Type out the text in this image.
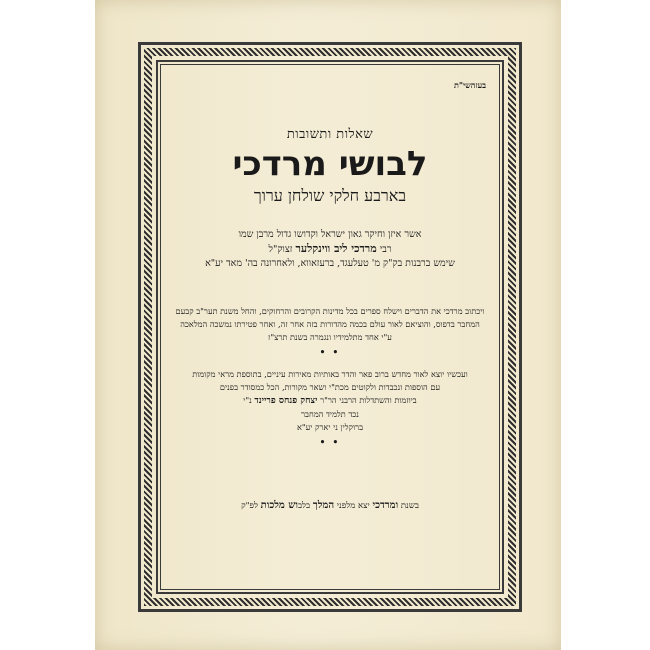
בעזהשי"ת
שאלות ותשובות
לבושי מרדכי
בארבע חלקי שולחן ערוך
אשר איזן וחיקר גאון ישראל וקדושו גדול מרבן שמו
רבי מרדכי ליב ווינקלער זצוק"ל
שימש ברבנות בק"ק מ' טעלעגד, ברעזאווא, ולאחרונה בה' מאד יע"א
ויכתוב מרדכי את הדברים וישלח ספרים בכל מדינות הקרובים והרחוקים, והחל משנת תער"ב קבעם המחבר בדפוס, והוציאם לאור עולם בכמה מהדורות בזה אחר זה, ואחר פטירתו נמשכה המלאכה ע"י אחד מתלמידיו ונגמרה בשנת תרצ"ז
• •
ועכשיו יוצא לאור מחדש ברוב פאר והדר באותיות מאירות עיניים, בתוספת מראי מקומות
עם הוספות ונכבדות ולקוטים מכת"י ושאר מקורות, הכל כמסודר בפנים
ביוזמות והשתדלות הרבני הר"ר יצחק פנחס פריינד נ"י
נכד תלמיד המחבר
ברוקלין ני יארק יע"א
• •
בשנת ומרדכי יצא מלפני המלך בלבוש מלכות לפ"ק
